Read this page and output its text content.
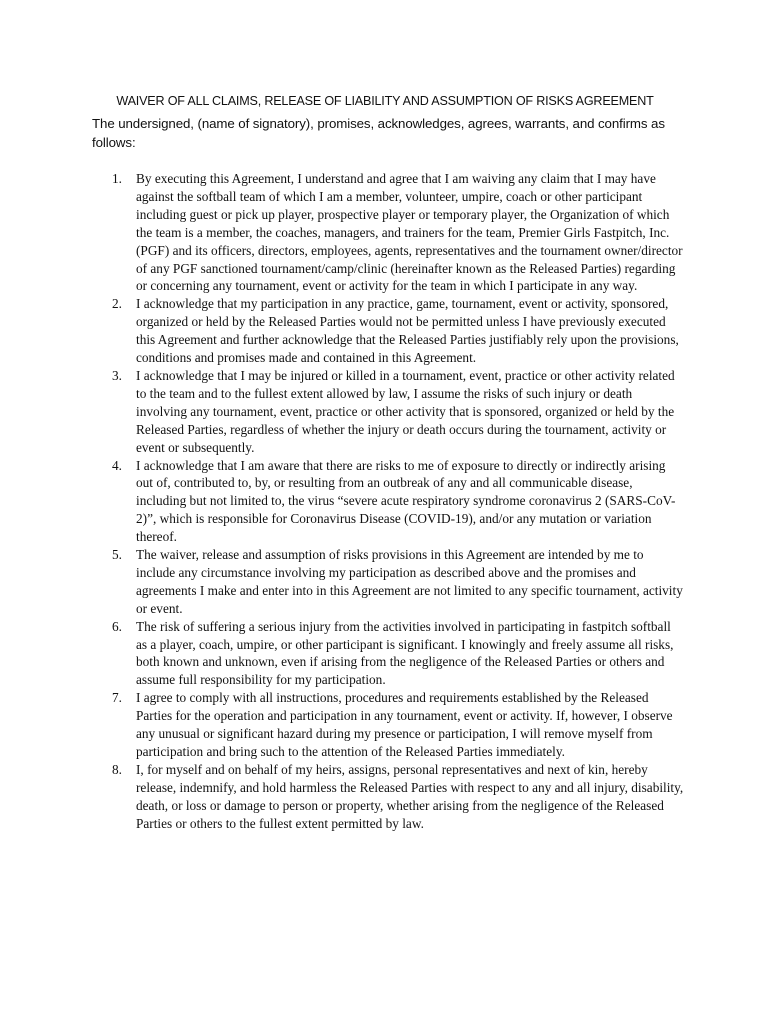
WAIVER OF ALL CLAIMS, RELEASE OF LIABILITY AND ASSUMPTION OF RISKS AGREEMENT

The undersigned, (name of signatory), promises, acknowledges, agrees, warrants, and confirms as follows:

1. By executing this Agreement, I understand and agree that I am waiving any claim that I may have against the softball team of which I am a member, volunteer, umpire, coach or other participant including guest or pick up player, prospective player or temporary player, the Organization of which the team is a member, the coaches, managers, and trainers for the team, Premier Girls Fastpitch, Inc. (PGF) and its officers, directors, employees, agents, representatives and the tournament owner/director of any PGF sanctioned tournament/camp/clinic (hereinafter known as the Released Parties) regarding or concerning any tournament, event or activity for the team in which I participate in any way.
2. I acknowledge that my participation in any practice, game, tournament, event or activity, sponsored, organized or held by the Released Parties would not be permitted unless I have previously executed this Agreement and further acknowledge that the Released Parties justifiably rely upon the provisions, conditions and promises made and contained in this Agreement.
3. I acknowledge that I may be injured or killed in a tournament, event, practice or other activity related to the team and to the fullest extent allowed by law, I assume the risks of such injury or death involving any tournament, event, practice or other activity that is sponsored, organized or held by the Released Parties, regardless of whether the injury or death occurs during the tournament, activity or event or subsequently.
4. I acknowledge that I am aware that there are risks to me of exposure to directly or indirectly arising out of, contributed to, by, or resulting from an outbreak of any and all communicable disease, including but not limited to, the virus “severe acute respiratory syndrome coronavirus 2 (SARS-CoV-2)”, which is responsible for Coronavirus Disease (COVID-19), and/or any mutation or variation thereof.
5. The waiver, release and assumption of risks provisions in this Agreement are intended by me to include any circumstance involving my participation as described above and the promises and agreements I make and enter into in this Agreement are not limited to any specific tournament, activity or event.
6. The risk of suffering a serious injury from the activities involved in participating in fastpitch softball as a player, coach, umpire, or other participant is significant. I knowingly and freely assume all risks, both known and unknown, even if arising from the negligence of the Released Parties or others and assume full responsibility for my participation.
7. I agree to comply with all instructions, procedures and requirements established by the Released Parties for the operation and participation in any tournament, event or activity. If, however, I observe any unusual or significant hazard during my presence or participation, I will remove myself from participation and bring such to the attention of the Released Parties immediately.
8. I, for myself and on behalf of my heirs, assigns, personal representatives and next of kin, hereby release, indemnify, and hold harmless the Released Parties with respect to any and all injury, disability, death, or loss or damage to person or property, whether arising from the negligence of the Released Parties or others to the fullest extent permitted by law.
